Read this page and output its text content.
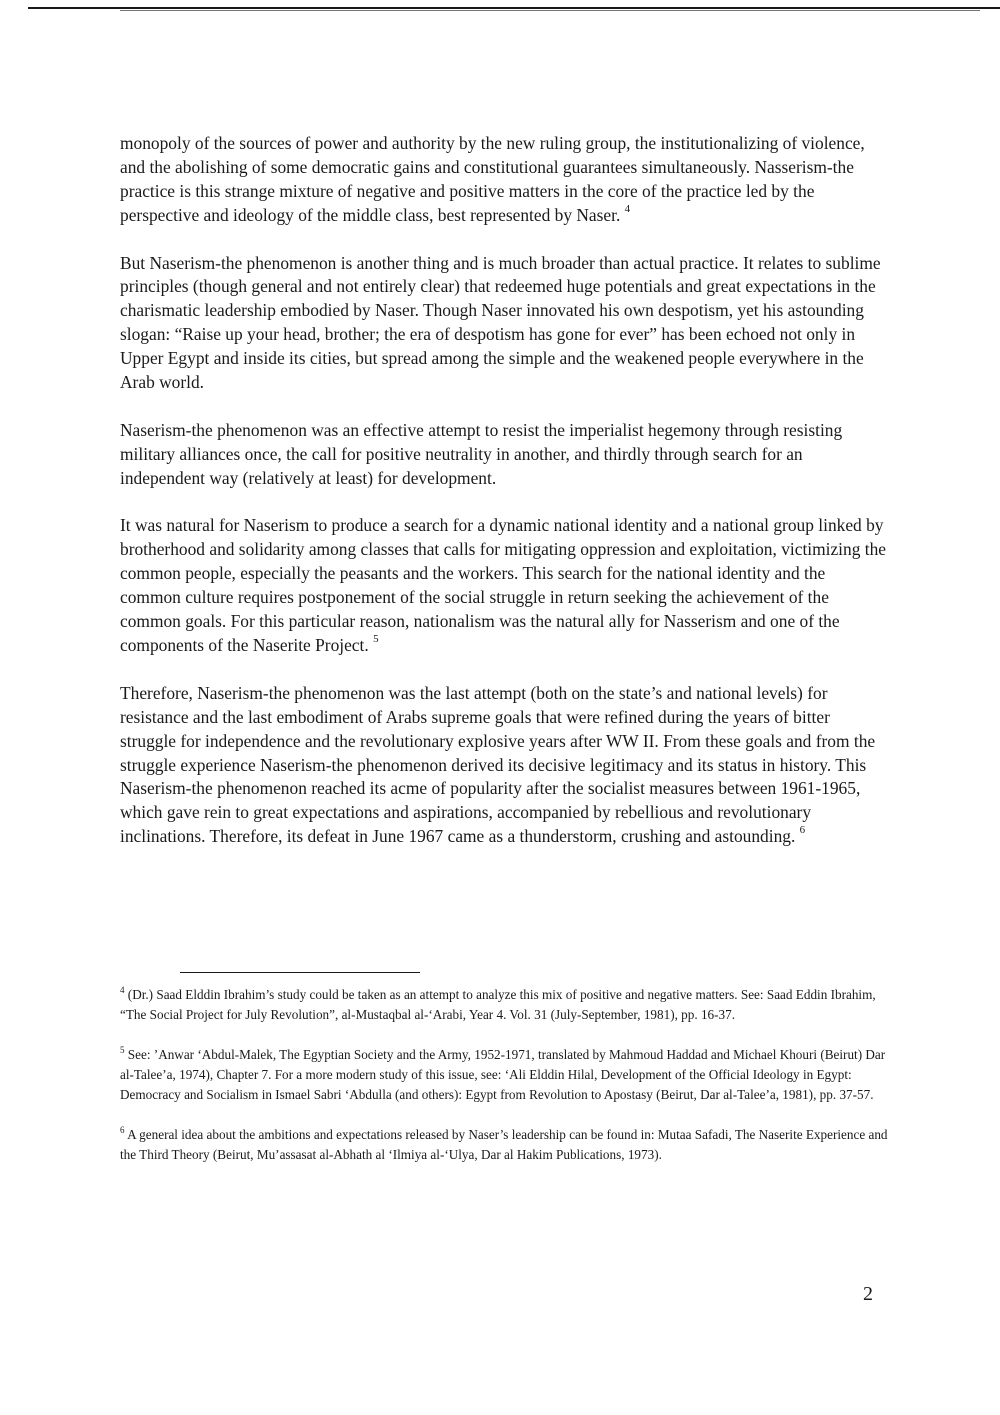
monopoly of the sources of power and authority by the new ruling group, the institutionalizing of violence, and the abolishing of some democratic gains and constitutional guarantees simultaneously. Nasserism-the practice is this strange mixture of negative and positive matters in the core of the practice led by the perspective and ideology of the middle class, best represented by Naser. $^4$

But Naserism-the phenomenon is another thing and is much broader than actual practice. It relates to sublime principles (though general and not entirely clear) that redeemed huge potentials and great expectations in the charismatic leadership embodied by Naser. Though Naser innovated his own despotism, yet his astounding slogan: “Raise up your head, brother; the era of despotism has gone for ever” has been echoed not only in Upper Egypt and inside its cities, but spread among the simple and the weakened people everywhere in the Arab world.

Naserism-the phenomenon was an effective attempt to resist the imperialist hegemony through resisting military alliances once, the call for positive neutrality in another, and thirdly through search for an independent way (relatively at least) for development.

It was natural for Naserism to produce a search for a dynamic national identity and a national group linked by brotherhood and solidarity among classes that calls for mitigating oppression and exploitation, victimizing the common people, especially the peasants and the workers. This search for the national identity and the common culture requires postponement of the social struggle in return seeking the achievement of the common goals. For this particular reason, nationalism was the natural ally for Nasserism and one of the components of the Naserite Project. $^5$

Therefore, Naserism-the phenomenon was the last attempt (both on the state’s and national levels) for resistance and the last embodiment of Arabs supreme goals that were refined during the years of bitter struggle for independence and the revolutionary explosive years after WW II. From these goals and from the struggle experience Naserism-the phenomenon derived its decisive legitimacy and its status in history. This Naserism-the phenomenon reached its acme of popularity after the socialist measures between 1961-1965, which gave rein to great expectations and aspirations, accompanied by rebellious and revolutionary inclinations. Therefore, its defeat in June 1967 came as a thunderstorm, crushing and astounding. $^6$

$^4$ (Dr.) Saad Elddin Ibrahim’s study could be taken as an attempt to analyze this mix of positive and negative matters. See: Saad Eddin Ibrahim, “The Social Project for July Revolution”, al-Mustaqbal al-‘Arabi, Year 4. Vol. 31 (July-September, 1981), pp. 16-37.

$^5$ See: ’Anwar ‘Abdul-Malek, The Egyptian Society and the Army, 1952-1971, translated by Mahmoud Haddad and Michael Khouri (Beirut) Dar al-Talee’a, 1974), Chapter 7. For a more modern study of this issue, see: ‘Ali Elddin Hilal, Development of the Official Ideology in Egypt: Democracy and Socialism in Ismael Sabri ‘Abdulla (and others): Egypt from Revolution to Apostasy (Beirut, Dar al-Talee’a, 1981), pp. 37-57.

$^6$ A general idea about the ambitions and expectations released by Naser’s leadership can be found in: Mutaa Safadi, The Naserite Experience and the Third Theory (Beirut, Mu’assasat al-Abhath al ‘Ilmiya al-‘Ulya, Dar al Hakim Publications, 1973).

2
